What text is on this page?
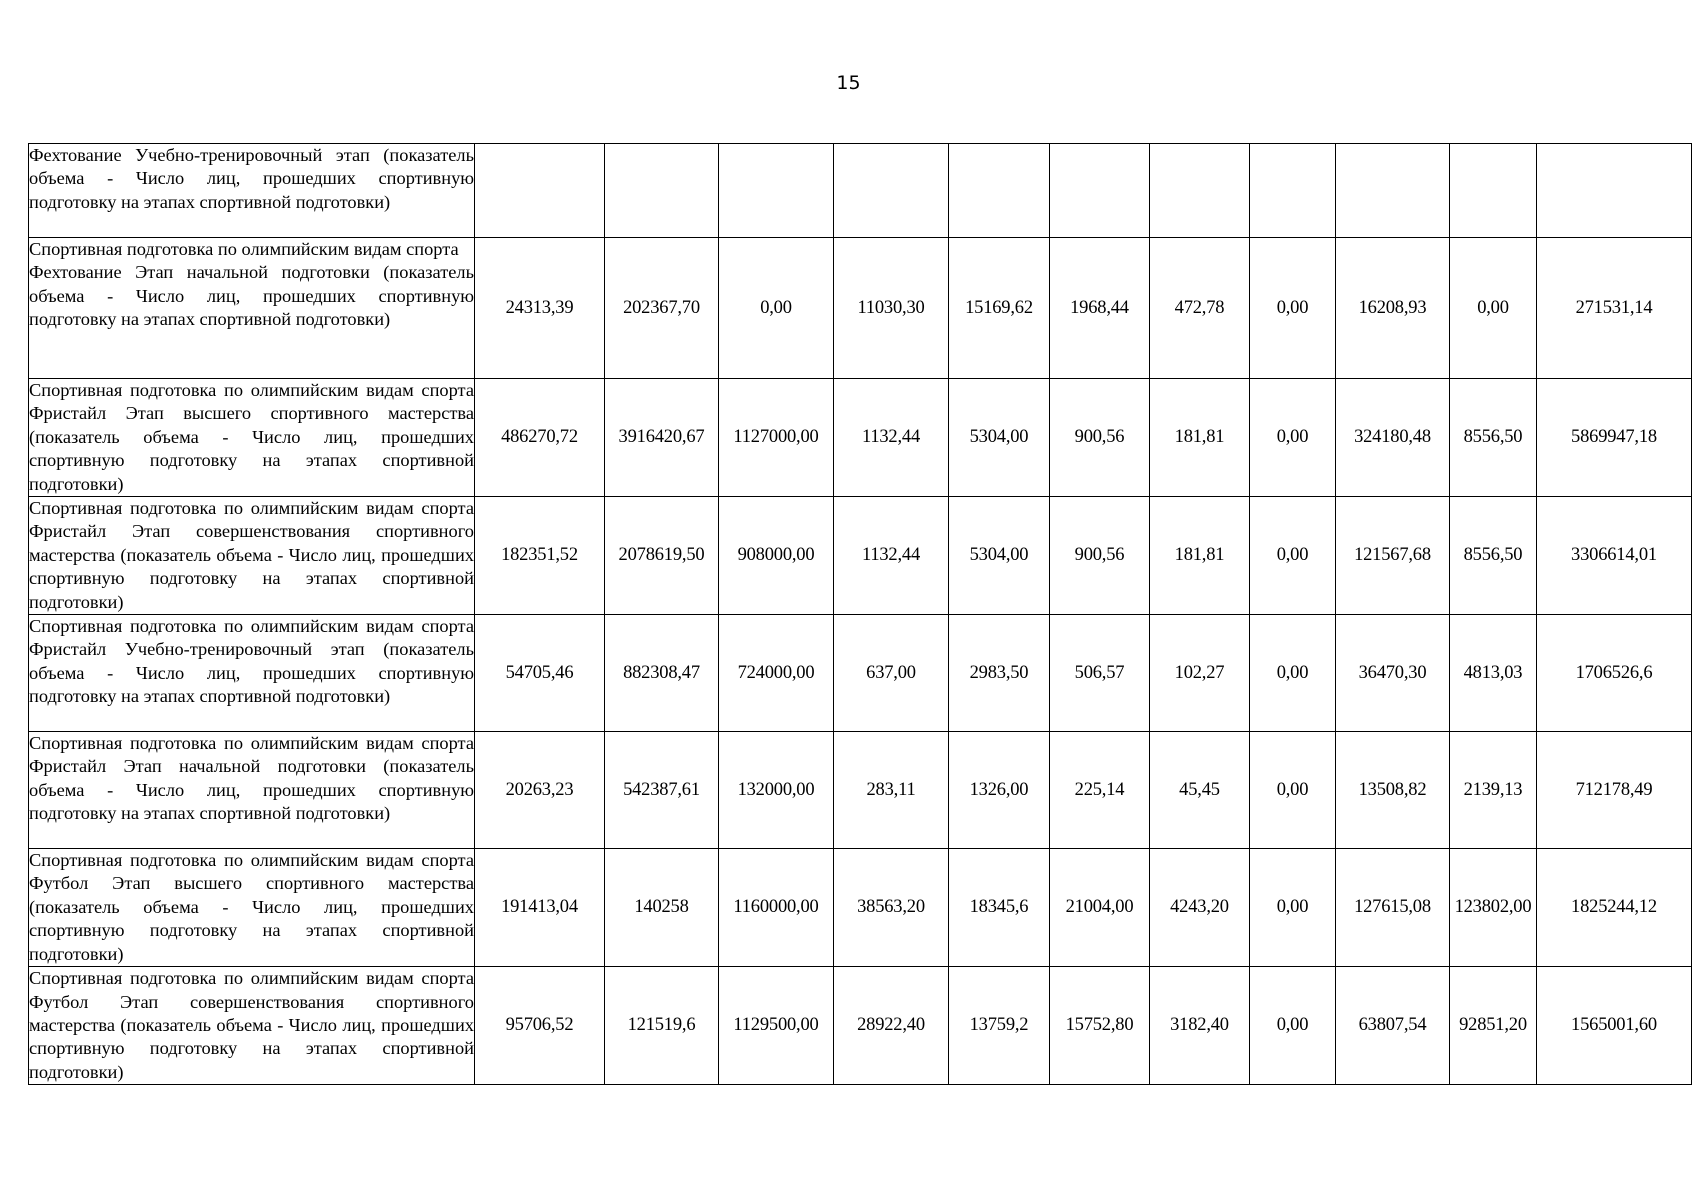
15
Фехтование Учебно-тренировочный этап (показатель объема - Число лиц, прошедших спортивную подготовку на этапах спортивной подготовки)											
Спортивная подготовка по олимпийским видам спорта
Фехтование Этап начальной подготовки (показатель объема - Число лиц, прошедших спортивную подготовку на этапах спортивной подготовки)	24313,39	202367,70	0,00	11030,30	15169,62	1968,44	472,78	0,00	16208,93	0,00	271531,14
Спортивная подготовка по олимпийским видам спорта Фристайл Этап высшего спортивного мастерства (показатель объема - Число лиц, прошедших спортивную подготовку на этапах спортивной подготовки)	486270,72	3916420,67	1127000,00	1132,44	5304,00	900,56	181,81	0,00	324180,48	8556,50	5869947,18
Спортивная подготовка по олимпийским видам спорта Фристайл Этап совершенствования спортивного мастерства (показатель объема - Число лиц, прошедших спортивную подготовку на этапах спортивной подготовки)	182351,52	2078619,50	908000,00	1132,44	5304,00	900,56	181,81	0,00	121567,68	8556,50	3306614,01
Спортивная подготовка по олимпийским видам спорта Фристайл Учебно-тренировочный этап (показатель объема - Число лиц, прошедших спортивную подготовку на этапах спортивной подготовки)	54705,46	882308,47	724000,00	637,00	2983,50	506,57	102,27	0,00	36470,30	4813,03	1706526,6
Спортивная подготовка по олимпийским видам спорта Фристайл Этап начальной подготовки (показатель объема - Число лиц, прошедших спортивную подготовку на этапах спортивной подготовки)	20263,23	542387,61	132000,00	283,11	1326,00	225,14	45,45	0,00	13508,82	2139,13	712178,49
Спортивная подготовка по олимпийским видам спорта Футбол Этап высшего спортивного мастерства (показатель объема - Число лиц, прошедших спортивную подготовку на этапах спортивной подготовки)	191413,04	140258	1160000,00	38563,20	18345,6	21004,00	4243,20	0,00	127615,08	123802,00	1825244,12
Спортивная подготовка по олимпийским видам спорта Футбол Этап совершенствования спортивного мастерства (показатель объема - Число лиц, прошедших спортивную подготовку на этапах спортивной подготовки)	95706,52	121519,6	1129500,00	28922,40	13759,2	15752,80	3182,40	0,00	63807,54	92851,20	1565001,60
